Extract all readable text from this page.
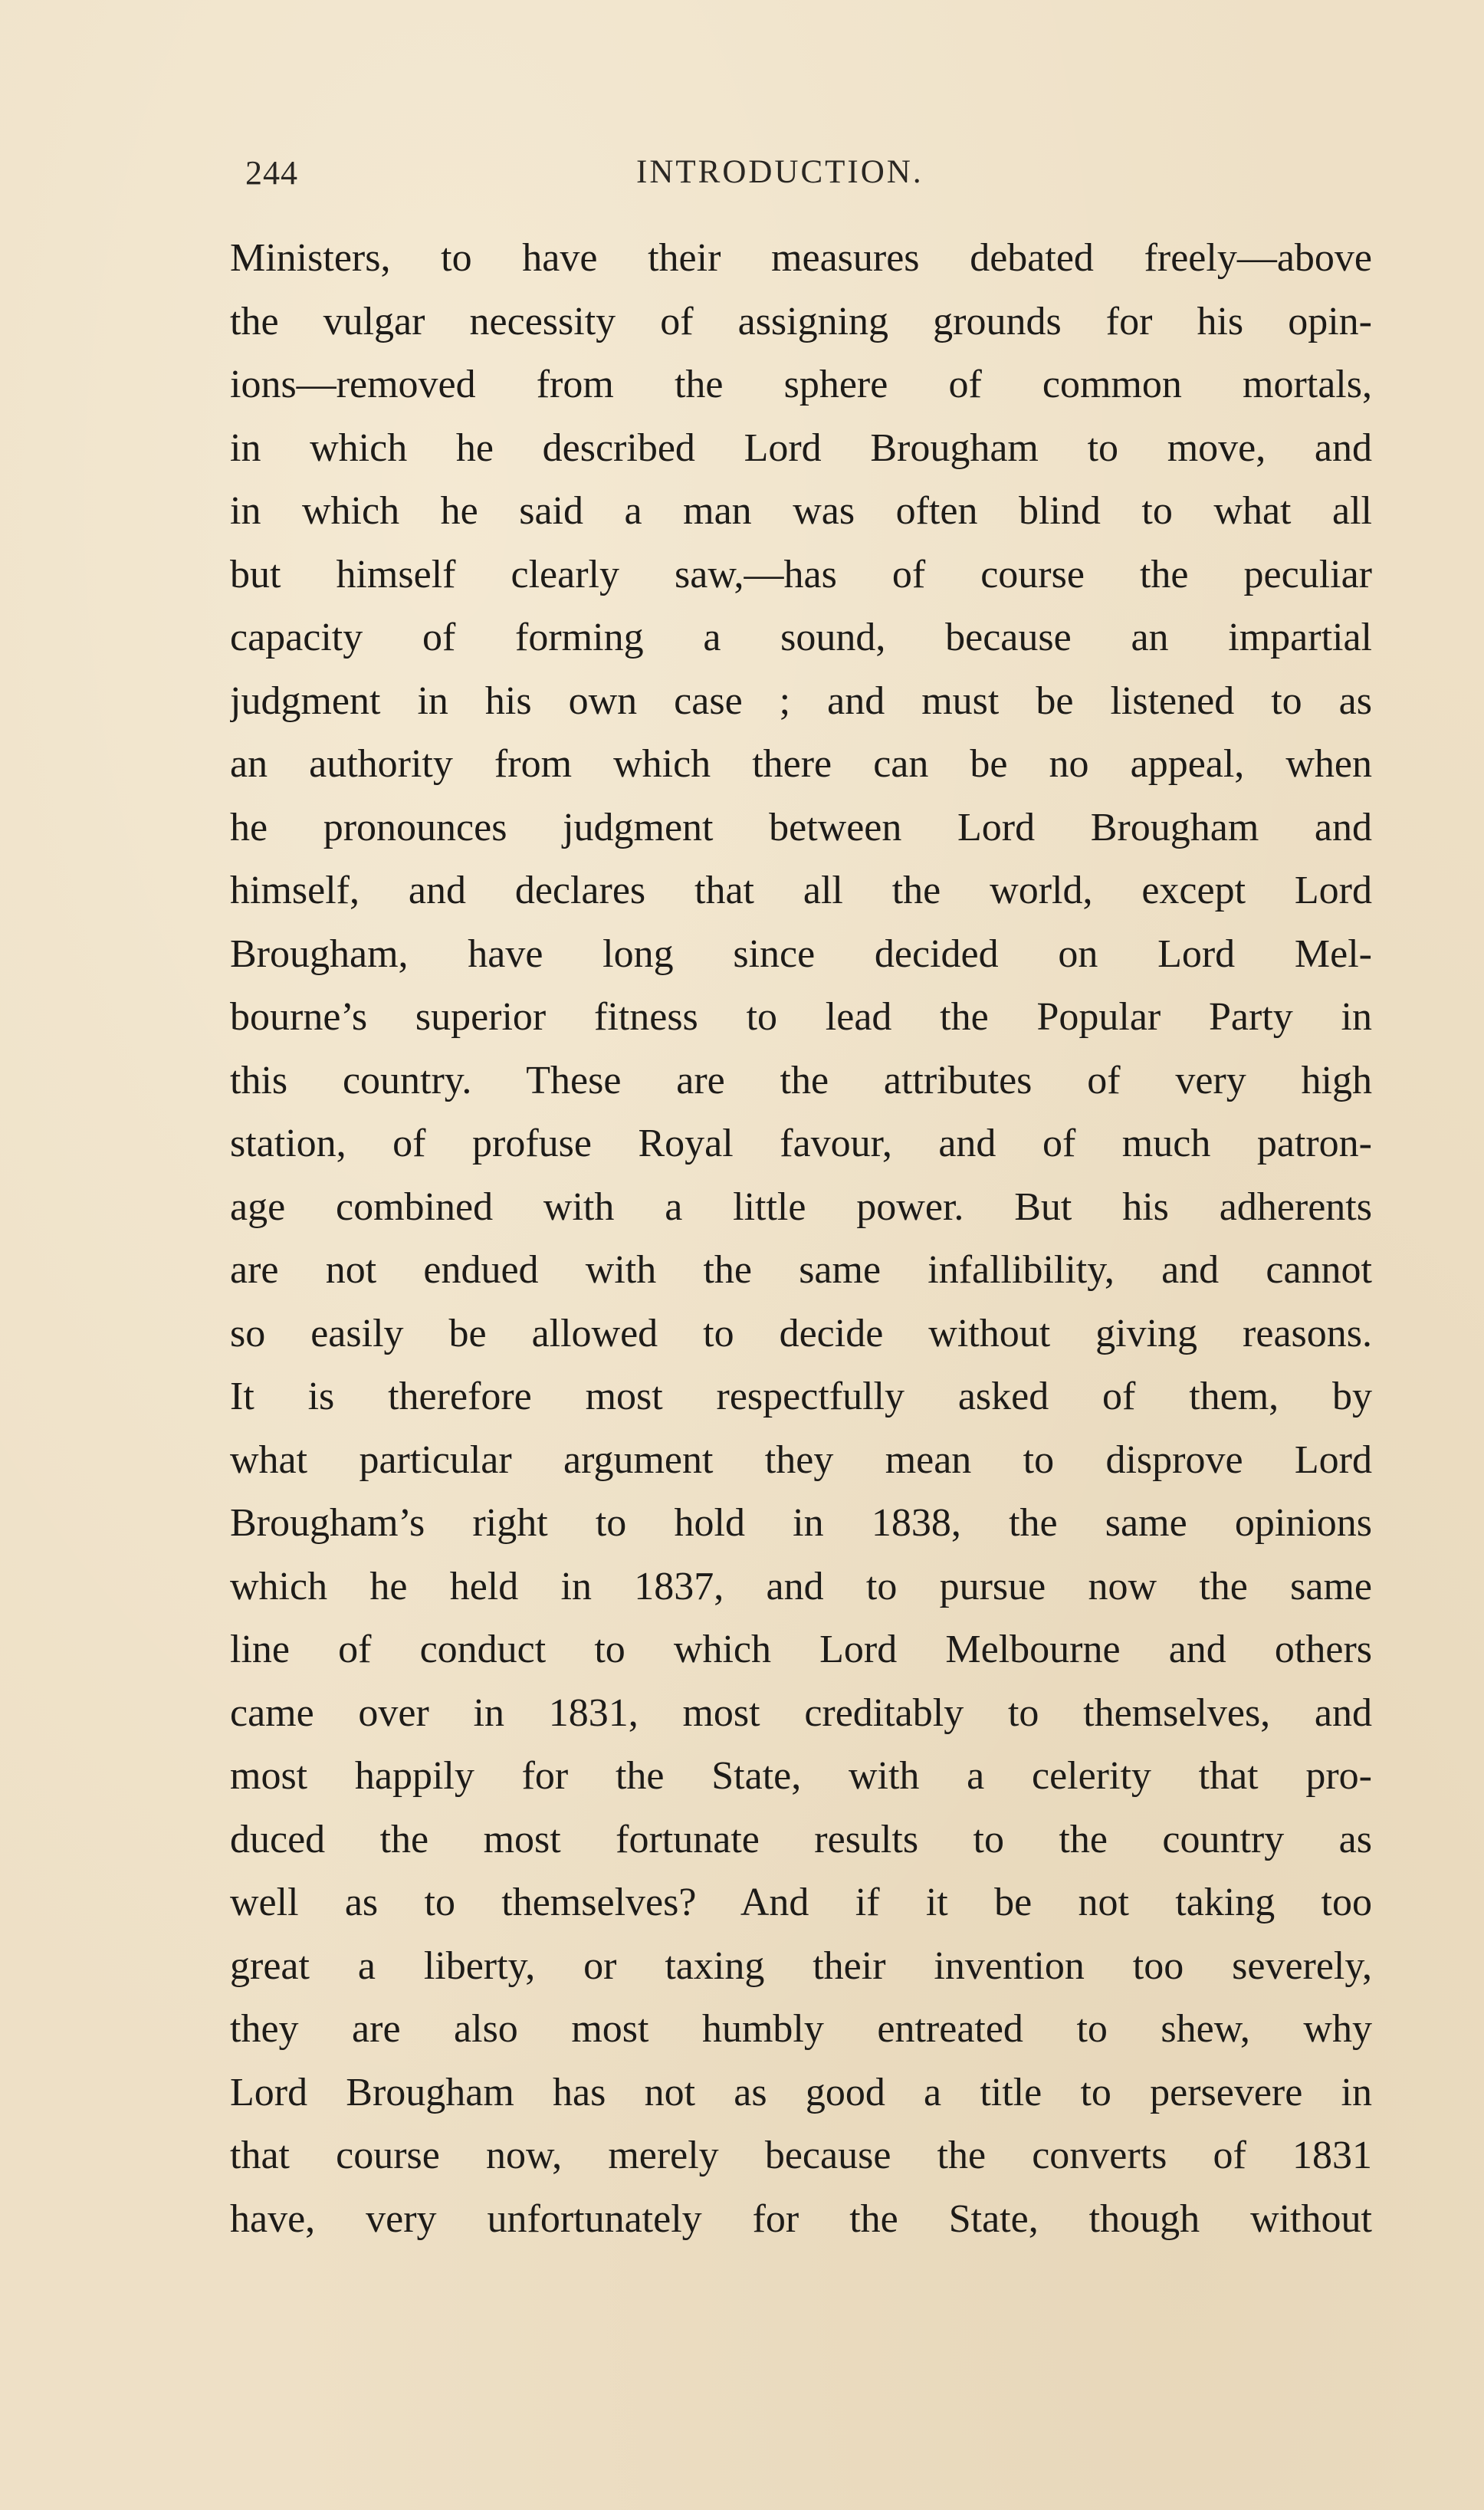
244	INTRODUCTION.
Ministers, to have their measures debated freely—above
the vulgar necessity of assigning grounds for his opin-
ions—removed from the sphere of common mortals,
in which he described Lord Brougham to move, and
in which he said a man was often blind to what all
but himself clearly saw,—has of course the peculiar
capacity of forming a sound, because an impartial
judgment in his own case ; and must be listened to as
an authority from which there can be no appeal, when
he pronounces judgment between Lord Brougham and
himself, and declares that all the world, except Lord
Brougham, have long since decided on Lord Mel-
bourne’s superior fitness to lead the Popular Party in
this country. These are the attributes of very high
station, of profuse Royal favour, and of much patron-
age combined with a little power. But his adherents
are not endued with the same infallibility, and cannot
so easily be allowed to decide without giving reasons.
It is therefore most respectfully asked of them, by
what particular argument they mean to disprove Lord
Brougham’s right to hold in 1838, the same opinions
which he held in 1837, and to pursue now the same
line of conduct to which Lord Melbourne and others
came over in 1831, most creditably to themselves, and
most happily for the State, with a celerity that pro-
duced the most fortunate results to the country as
well as to themselves? And if it be not taking too
great a liberty, or taxing their invention too severely,
they are also most humbly entreated to shew, why
Lord Brougham has not as good a title to persevere in
that course now, merely because the converts of 1831
have, very unfortunately for the State, though without
